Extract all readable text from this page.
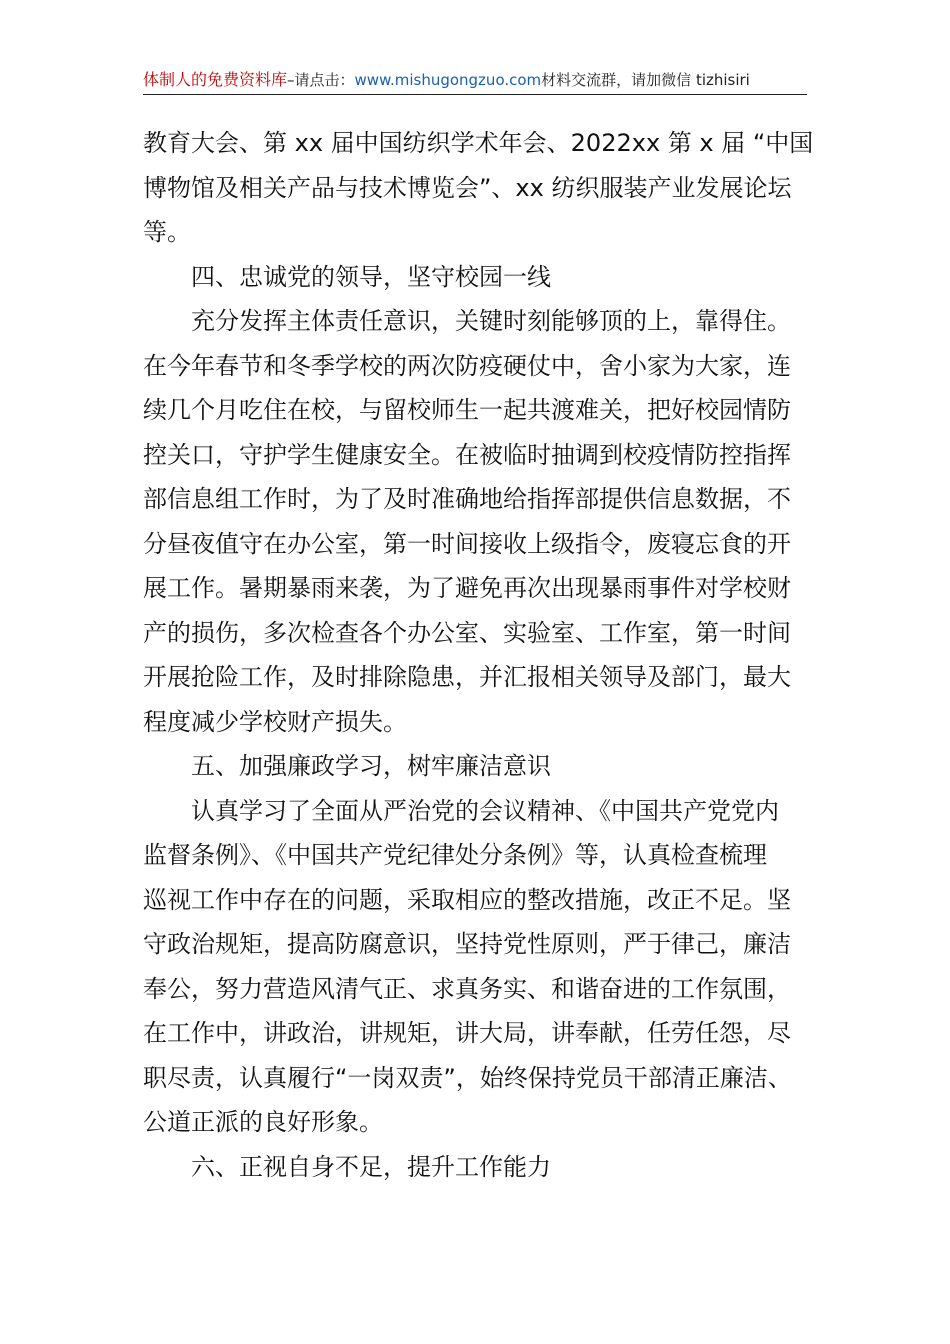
体制人的免费资料库–请点击：www.mishugongzuo.com材料交流群，请加微信 tizhisiri
教育大会、第 xx 届中国纺织学术年会、2022xx 第 x 届 “中国
博物馆及相关产品与技术博览会”、xx 纺织服装产业发展论坛
等。
四、忠诚党的领导，坚守校园一线
充分发挥主体责任意识，关键时刻能够顶的上，靠得住。
在今年春节和冬季学校的两次防疫硬仗中，舍小家为大家，连
续几个月吃住在校，与留校师生一起共渡难关，把好校园情防
控关口，守护学生健康安全。在被临时抽调到校疫情防控指挥
部信息组工作时，为了及时准确地给指挥部提供信息数据，不
分昼夜值守在办公室，第一时间接收上级指令，废寝忘食的开
展工作。暑期暴雨来袭，为了避免再次出现暴雨事件对学校财
产的损伤，多次检查各个办公室、实验室、工作室，第一时间
开展抢险工作，及时排除隐患，并汇报相关领导及部门，最大
程度减少学校财产损失。
五、加强廉政学习，树牢廉洁意识
认真学习了全面从严治党的会议精神、《中国共产党党内
监督条例》、《中国共产党纪律处分条例》等，认真检查梳理
巡视工作中存在的问题，采取相应的整改措施，改正不足。坚
守政治规矩，提高防腐意识，坚持党性原则，严于律己，廉洁
奉公，努力营造风清气正、求真务实、和谐奋进的工作氛围，
在工作中，讲政治，讲规矩，讲大局，讲奉献，任劳任怨，尽
职尽责，认真履行“一岗双责”，始终保持党员干部清正廉洁、
公道正派的良好形象。
六、正视自身不足，提升工作能力
